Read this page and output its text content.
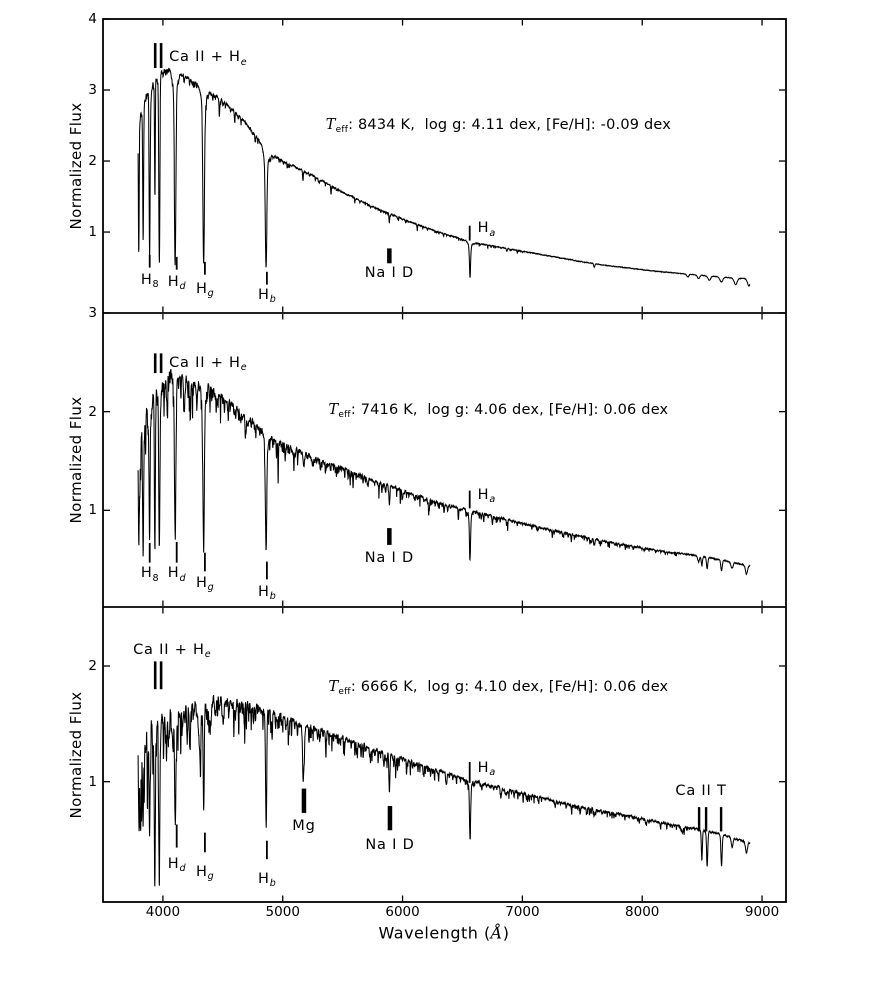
Ca II + $H_e$
$H_8$ $H_d$ $H_g$	$H_b$
Na I D
$H_a$
$T_{eff}$: 8434 K,  log g: 4.11 dex, [Fe/H]: -0.09 dex
1
2
3
4
Normalized Flux
Ca II + $H_e$
$H_8$ $H_d$ $H_g$	$H_b$
Na I D
$H_a$
$T_{eff}$: 7416 K,  log g: 4.06 dex, [Fe/H]: 0.06 dex
1
2
3
Normalized Flux
Ca II + $H_e$
$H_d$ $H_g$	$H_b$
Mg
Na I D
$H_a$
Ca II T
$T_{eff}$: 6666 K,  log g: 4.10 dex, [Fe/H]: 0.06 dex
1
2
Normalized Flux
4000	5000	6000	7000	8000	9000
Wavelength (Å)
